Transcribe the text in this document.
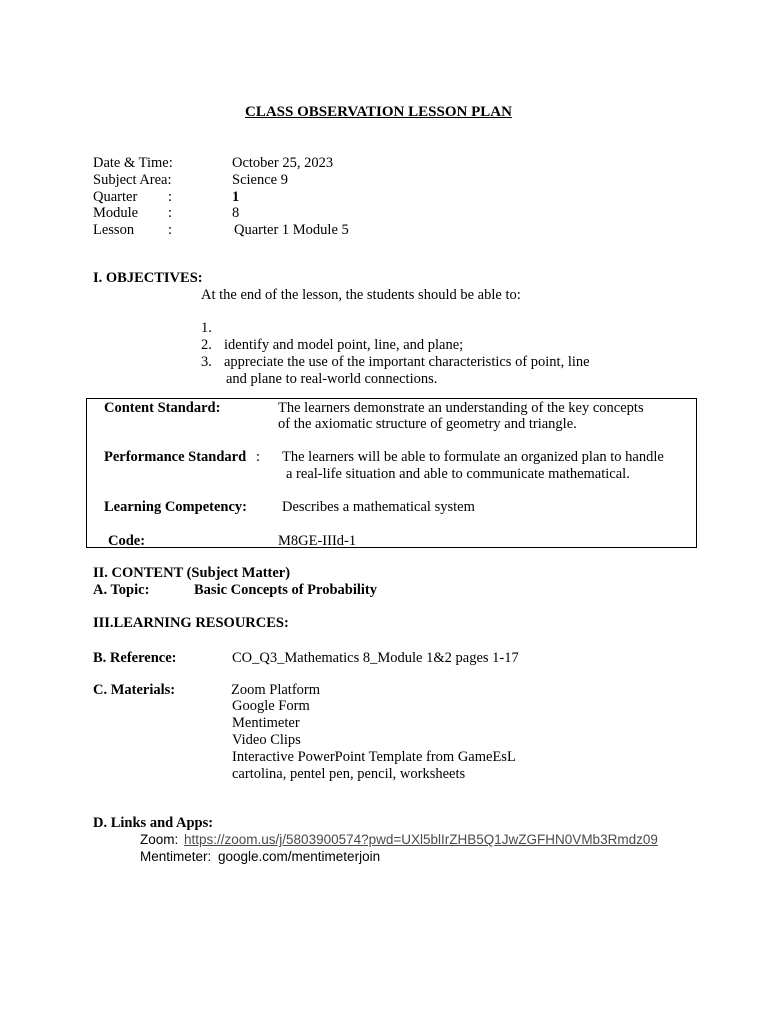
CLASS OBSERVATION LESSON PLAN
Date & Time:	October 25, 2023
Subject Area:	Science 9
Quarter :	1
Module :	8
Lesson :	Quarter 1 Module 5
I. OBJECTIVES:
At the end of the lesson, the students should be able to:
1.
2. identify and model point, line, and plane;
3. appreciate the use of the important characteristics of point, line
and plane to real-world connections.
Content Standard:	The learners demonstrate an understanding of the key concepts
of the axiomatic structure of geometry and triangle.
Performance Standard : The learners will be able to formulate an organized plan to handle
a real-life situation and able to communicate mathematical.
Learning Competency: Describes a mathematical system
Code:	M8GE-IIId-1
II. CONTENT (Subject Matter)
A. Topic:	Basic Concepts of Probability
III.LEARNING RESOURCES:
B. Reference:	CO_Q3_Mathematics 8_Module 1&2 pages 1-17
C. Materials:	Zoom Platform
Google Form
Mentimeter
Video Clips
Interactive PowerPoint Template from GameEsL
cartolina, pentel pen, pencil, worksheets
D. Links and Apps:
Zoom: https://zoom.us/j/5803900574?pwd=UXl5blIrZHB5Q1JwZGFHN0VMb3Rmdz09
Mentimeter: google.com/mentimeterjoin
